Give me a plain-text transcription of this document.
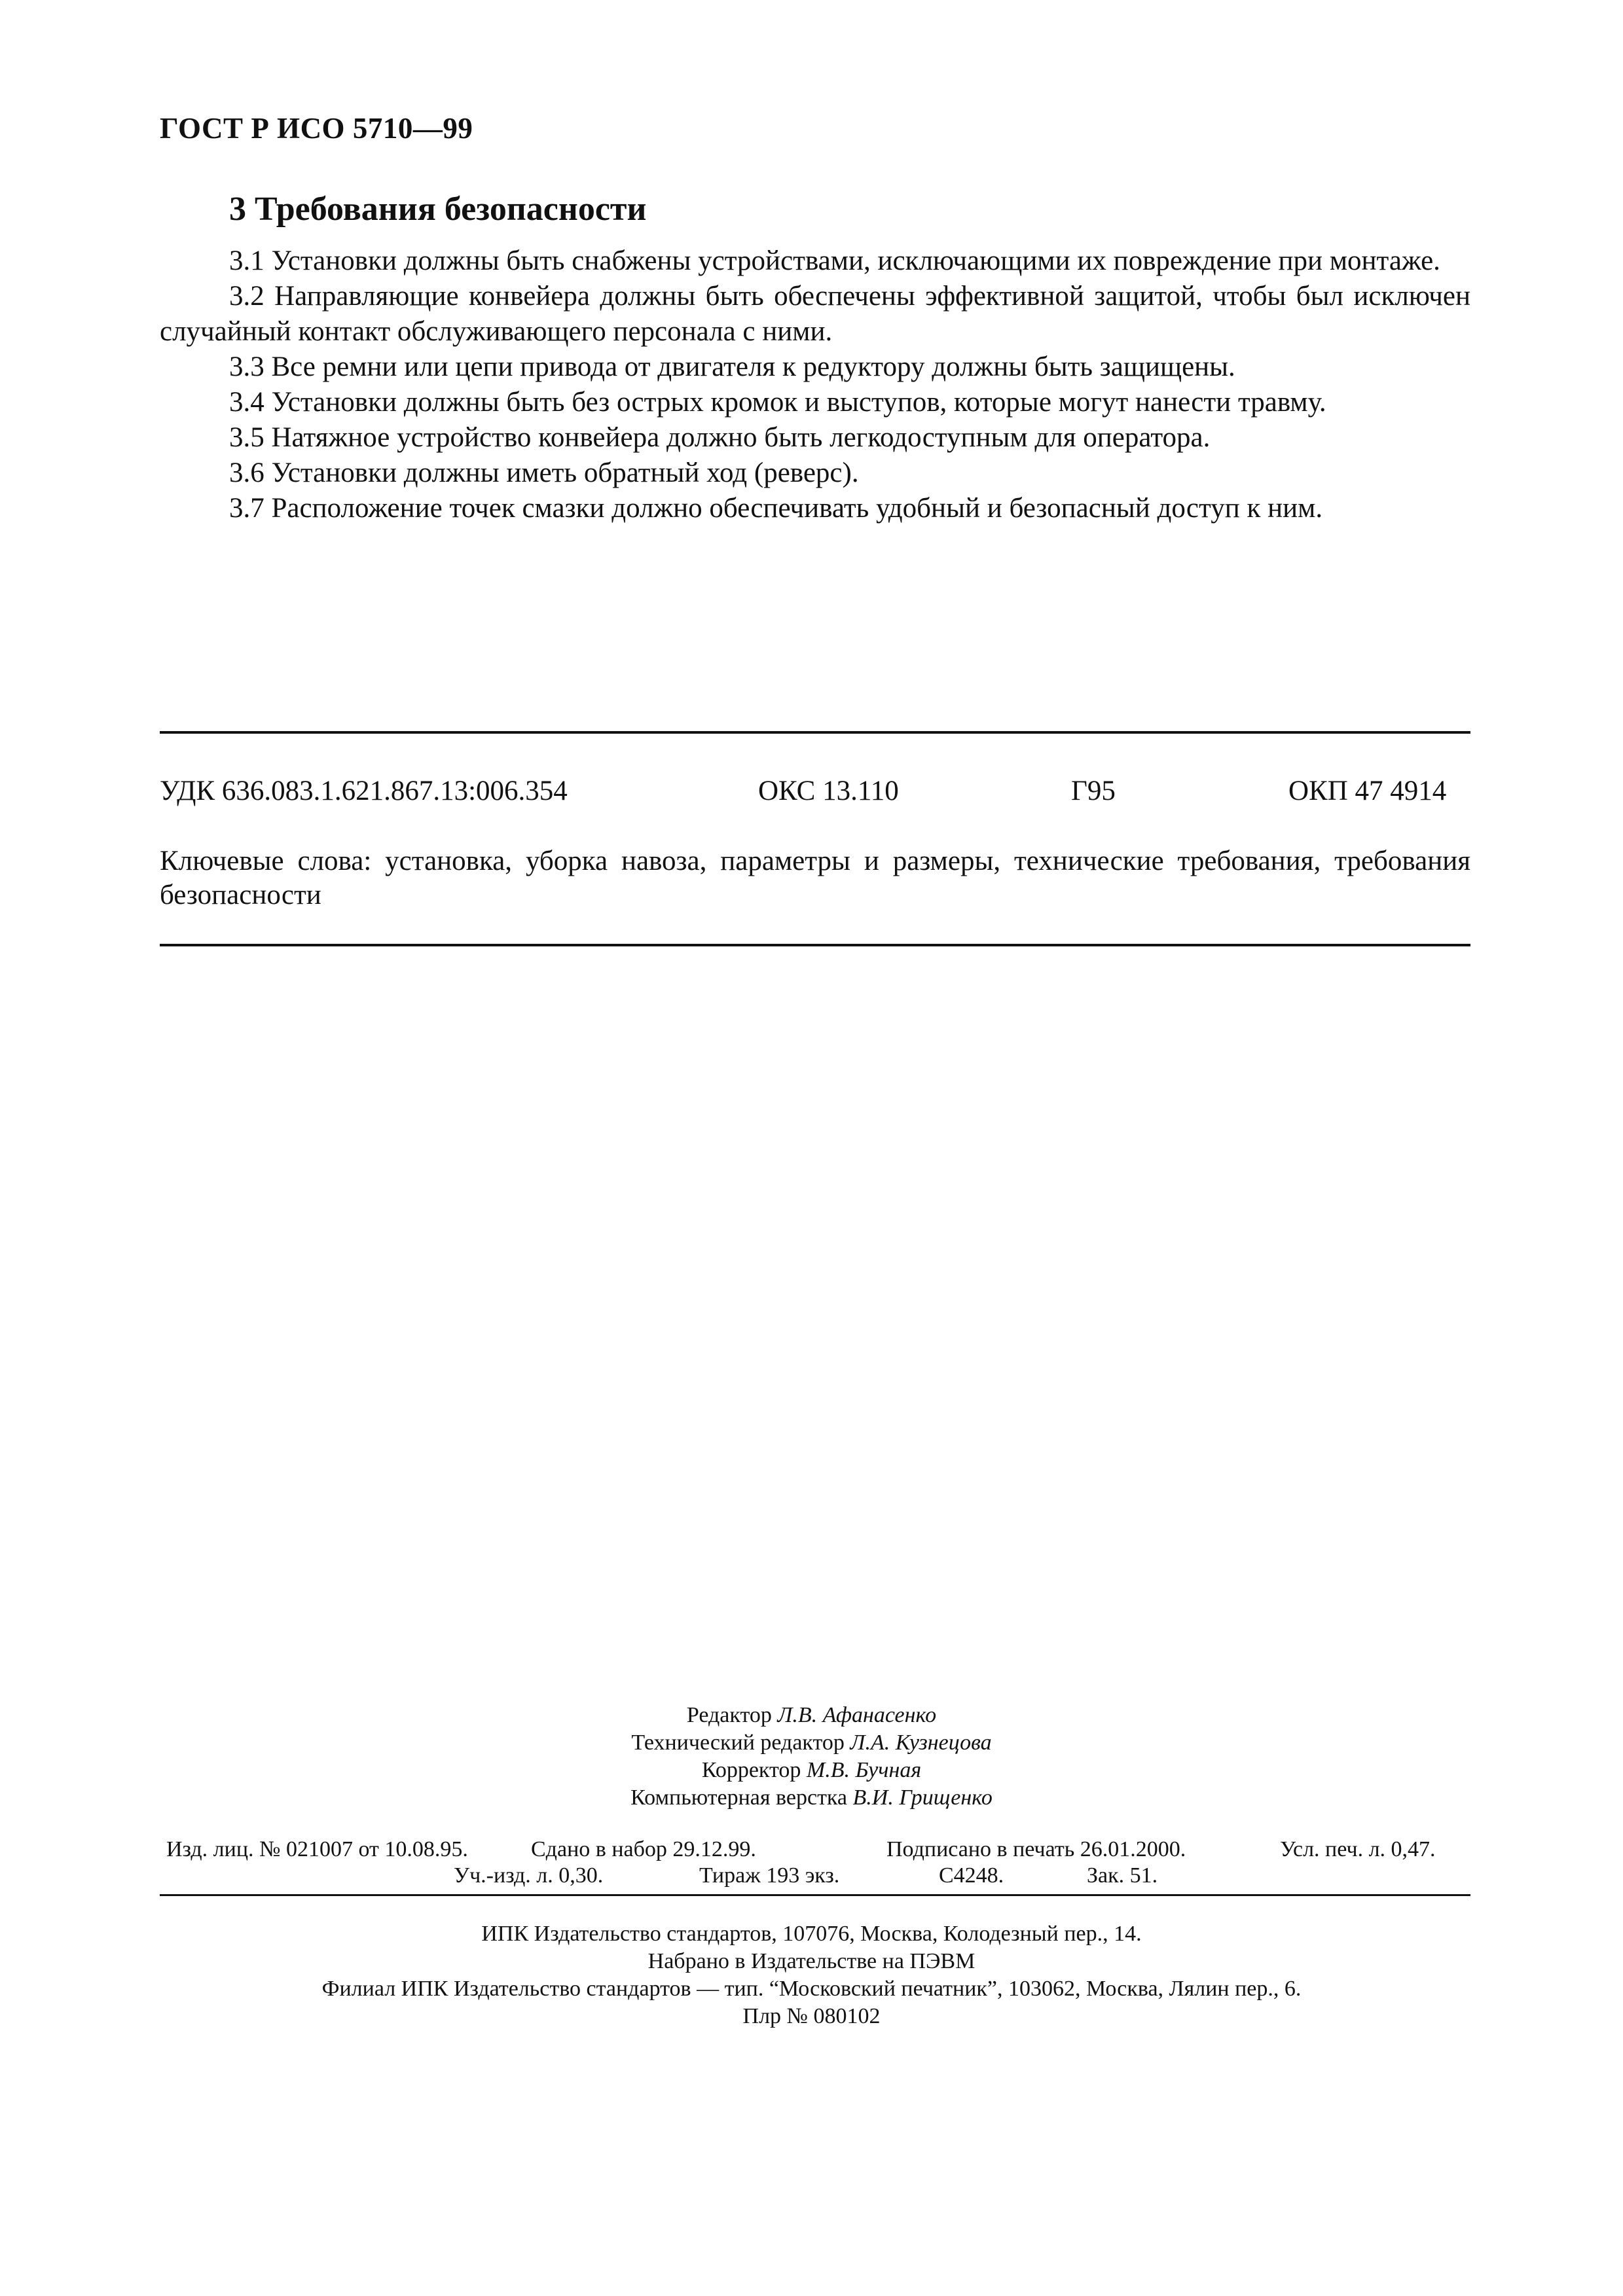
ГОСТ Р ИСО 5710—99
3 Требования безопасности
3.1 Установки должны быть снабжены устройствами, исключающими их повреждение при монтаже.
3.2 Направляющие конвейера должны быть обеспечены эффективной защитой, чтобы был исключен случайный контакт обслуживающего персонала с ними.
3.3 Все ремни или цепи привода от двигателя к редуктору должны быть защищены.
3.4 Установки должны быть без острых кромок и выступов, которые могут нанести травму.
3.5 Натяжное устройство конвейера должно быть легкодоступным для оператора.
3.6 Установки должны иметь обратный ход (реверс).
3.7 Расположение точек смазки должно обеспечивать удобный и безопасный доступ к ним.
УДК 636.083.1.621.867.13:006.354	ОКС 13.110	Г95	ОКП 47 4914
Ключевые слова: установка, уборка навоза, параметры и размеры, технические требования, требования безопасности
Редактор Л.В. Афанасенко
Технический редактор Л.А. Кузнецова
Корректор М.В. Бучная
Компьютерная верстка В.И. Грищенко
Изд. лиц. № 021007 от 10.08.95.	Сдано в набор 29.12.99.	Подписано в печать 26.01.2000.	Усл. печ. л. 0,47.
Уч.-изд. л. 0,30.	Тираж 193 экз.	С4248.	Зак. 51.
ИПК Издательство стандартов, 107076, Москва, Колодезный пер., 14.
Набрано в Издательстве на ПЭВМ
Филиал ИПК Издательство стандартов — тип. “Московский печатник”, 103062, Москва, Лялин пер., 6.
Плр № 080102
